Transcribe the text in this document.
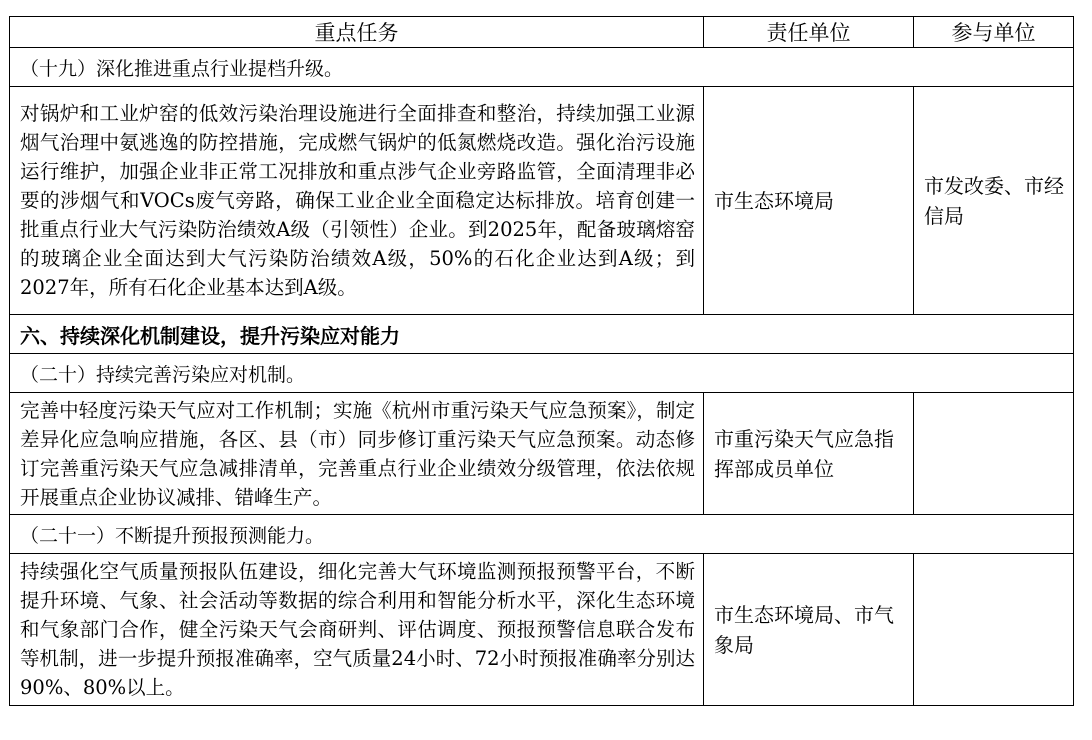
重点任务	责任单位	参与单位
（十九）深化推进重点行业提档升级。		
对锅炉和工业炉窑的低效污染治理设施进行全面排查和整治，持续加强工业源烟气治理中氨逃逸的防控措施，完成燃气锅炉的低氮燃烧改造。强化治污设施运行维护，加强企业非正常工况排放和重点涉气企业旁路监管，全面清理非必要的涉烟气和VOCs废气旁路，确保工业企业全面稳定达标排放。培育创建一批重点行业大气污染防治绩效A级（引领性）企业。到2025年，配备玻璃熔窑的玻璃企业全面达到大气污染防治绩效A级，50%的石化企业达到A级；到2027年，所有石化企业基本达到A级。	市生态环境局	市发改委、市经信局
六、持续深化机制建设，提升污染应对能力		
（二十）持续完善污染应对机制。		
完善中轻度污染天气应对工作机制；实施《杭州市重污染天气应急预案》，制定差异化应急响应措施，各区、县（市）同步修订重污染天气应急预案。动态修订完善重污染天气应急减排清单，完善重点行业企业绩效分级管理，依法依规开展重点企业协议减排、错峰生产。	市重污染天气应急指挥部成员单位	
（二十一）不断提升预报预测能力。		
持续强化空气质量预报队伍建设，细化完善大气环境监测预报预警平台，不断提升环境、气象、社会活动等数据的综合利用和智能分析水平，深化生态环境和气象部门合作，健全污染天气会商研判、评估调度、预报预警信息联合发布等机制，进一步提升预报准确率，空气质量24小时、72小时预报准确率分别达90%、80%以上。	市生态环境局、市气象局	
